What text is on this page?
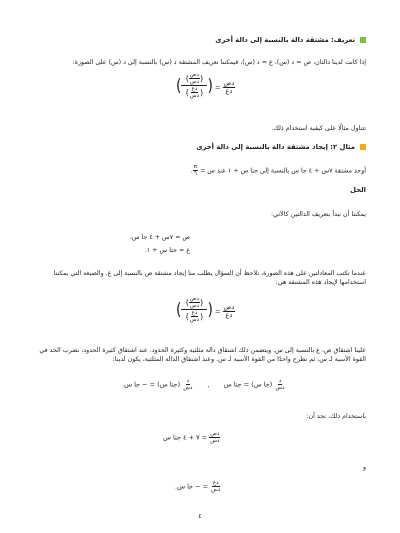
تعريف: مشتقة دالة بالنسبة إلى دالة أخرى
إذا كانت لدينا دالتان، ص = د (س)، ع = د (س)، فيمكننا تعريف المشتقة د (س) بالنسبة إلى د (س) على الصورة:
( $\frac{( \frac{\text{دص}}{\text{دس}} )}{( \frac{\text{دع}}{\text{دس}} )}$ ) = $\frac{\text{دص}}{\text{دع}}$
تتناول مثالًا على كيفية استخدام ذلك.
مثال ٢: إيجاد مشتقة دالة بالنسبة إلى دالة أخرى
أوجد مشتقة ٧س + ٤ جا س بالنسبة إلى جتا س + ١ عند س =
$\frac{\pi}{٦}$
.
الحل
يمكننا أن نبدأ بتعريف الدالتين كالآتي:
ص = ٧س + ٤ جا س،
ع = جتا س + ١.
عندما نكتب المعادلتين على هذه الصورة، نلاحظ أن السؤال يطلب منا إيجاد مشتقة ص بالنسبة إلى ع. والصيغة التي يمكننا استخدامها لإيجاد هذه المشتقة هي:
( $\frac{( \frac{\text{دص}}{\text{دس}} )}{( \frac{\text{دع}}{\text{دس}} )}$ ) = $\frac{\text{دص}}{\text{دع}}$
علينا اشتقاق ص، ع بالنسبة إلى س. ويتضمن ذلك اشتقاق دالة مثلثية وكثيرة الحدود. عند اشتقاق كثيرة الحدود، نضرب الحد في القوة الأسية لـ س، ثم نطرح واحدًا من القوة الأسية لـ س. وعند اشتقاق الدالة المثلثية، يكون لدينا:
$\frac{\text{د}}{\text{دس}}$
(جا س) = جتا س ,
$\frac{\text{د}}{\text{دس}}$
(جتا س) = − جا س.
باستخدام ذلك، نجد أن:
$\frac{\text{دص}}{\text{دس}}$
= ٧ + ٤ جتا س
و
$\frac{\text{دع}}{\text{دس}}$
= − جا س.
٤
